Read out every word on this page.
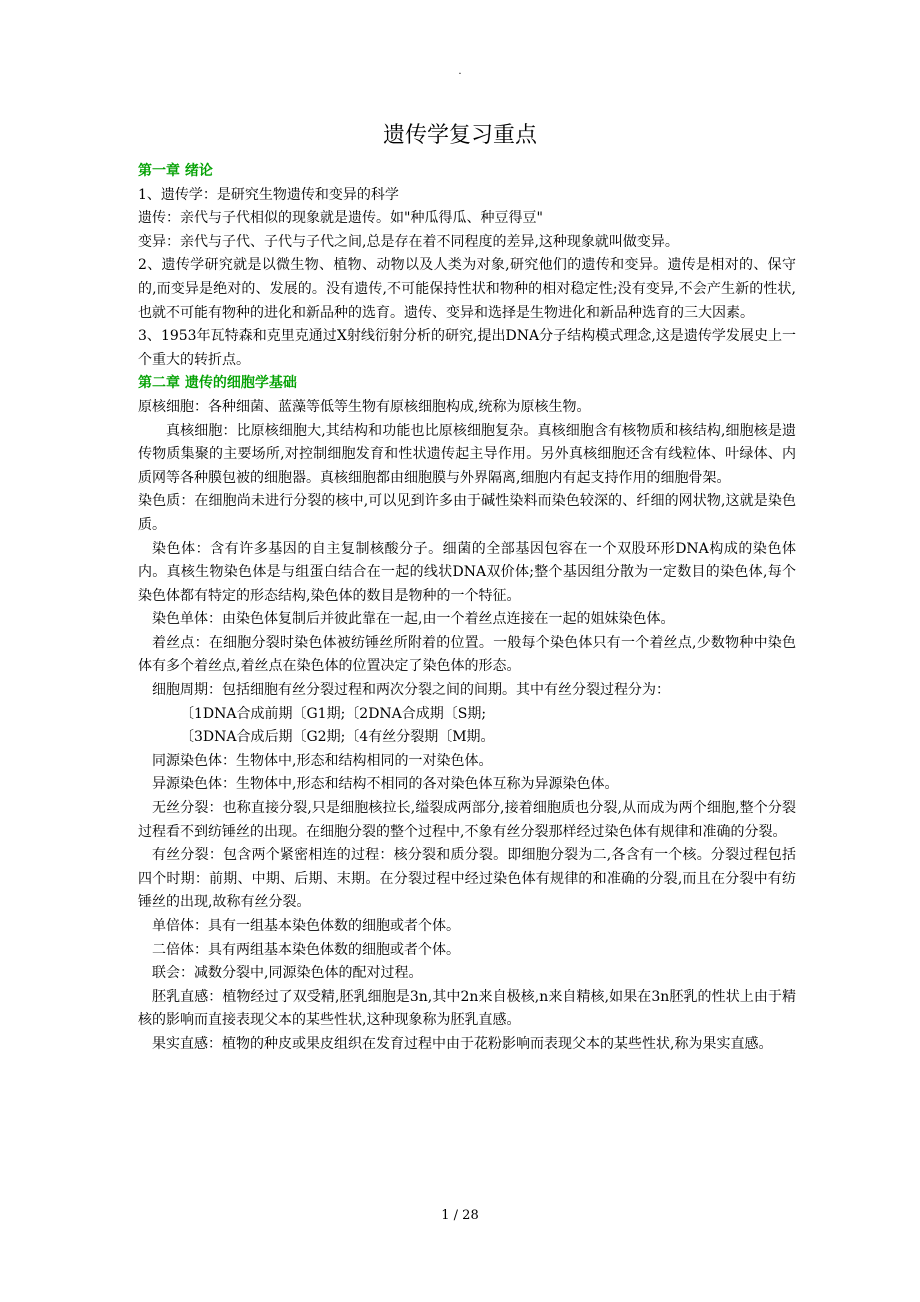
.
遗传学复习重点

第一章 绪论

1、遗传学：是研究生物遗传和变异的科学

遗传：亲代与子代相似的现象就是遗传。如"种瓜得瓜、种豆得豆"

变异：亲代与子代、子代与子代之间,总是存在着不同程度的差异,这种现象就叫做变异。

2、遗传学研究就是以微生物、植物、动物以及人类为对象,研究他们的遗传和变异。遗传是相对的、保守的,而变异是绝对的、发展的。没有遗传,不可能保持性状和物种的相对稳定性;没有变异,不会产生新的性状,也就不可能有物种的进化和新品种的选育。遗传、变异和选择是生物进化和新品种选育的三大因素。

3、1953年瓦特森和克里克通过X射线衍射分析的研究,提出DNA分子结构模式理念,这是遗传学发展史上一个重大的转折点。

第二章 遗传的细胞学基础

原核细胞：各种细菌、蓝藻等低等生物有原核细胞构成,统称为原核生物。

真核细胞：比原核细胞大,其结构和功能也比原核细胞复杂。真核细胞含有核物质和核结构,细胞核是遗传物质集聚的主要场所,对控制细胞发育和性状遗传起主导作用。另外真核细胞还含有线粒体、叶绿体、内质网等各种膜包被的细胞器。真核细胞都由细胞膜与外界隔离,细胞内有起支持作用的细胞骨架。

染色质：在细胞尚未进行分裂的核中,可以见到许多由于碱性染料而染色较深的、纤细的网状物,这就是染色质。

染色体：含有许多基因的自主复制核酸分子。细菌的全部基因包容在一个双股环形DNA构成的染色体内。真核生物染色体是与组蛋白结合在一起的线状DNA双价体;整个基因组分散为一定数目的染色体,每个染色体都有特定的形态结构,染色体的数目是物种的一个特征。

染色单体：由染色体复制后并彼此靠在一起,由一个着丝点连接在一起的姐妹染色体。

着丝点：在细胞分裂时染色体被纺锤丝所附着的位置。一般每个染色体只有一个着丝点,少数物种中染色体有多个着丝点,着丝点在染色体的位置决定了染色体的形态。

细胞周期：包括细胞有丝分裂过程和两次分裂之间的间期。其中有丝分裂过程分为：

〔1DNA合成前期〔G1期;〔2DNA合成期〔S期;

〔3DNA合成后期〔G2期;〔4有丝分裂期〔M期。

同源染色体：生物体中,形态和结构相同的一对染色体。

异源染色体：生物体中,形态和结构不相同的各对染色体互称为异源染色体。

无丝分裂：也称直接分裂,只是细胞核拉长,缢裂成两部分,接着细胞质也分裂,从而成为两个细胞,整个分裂过程看不到纺锤丝的出现。在细胞分裂的整个过程中,不象有丝分裂那样经过染色体有规律和准确的分裂。

有丝分裂：包含两个紧密相连的过程：核分裂和质分裂。即细胞分裂为二,各含有一个核。分裂过程包括四个时期：前期、中期、后期、末期。在分裂过程中经过染色体有规律的和准确的分裂,而且在分裂中有纺锤丝的出现,故称有丝分裂。

单倍体：具有一组基本染色体数的细胞或者个体。

二倍体：具有两组基本染色体数的细胞或者个体。

联会：减数分裂中,同源染色体的配对过程。

胚乳直感：植物经过了双受精,胚乳细胞是3n,其中2n来自极核,n来自精核,如果在3n胚乳的性状上由于精核的影响而直接表现父本的某些性状,这种现象称为胚乳直感。

果实直感：植物的种皮或果皮组织在发育过程中由于花粉影响而表现父本的某些性状,称为果实直感。

1 / 28
